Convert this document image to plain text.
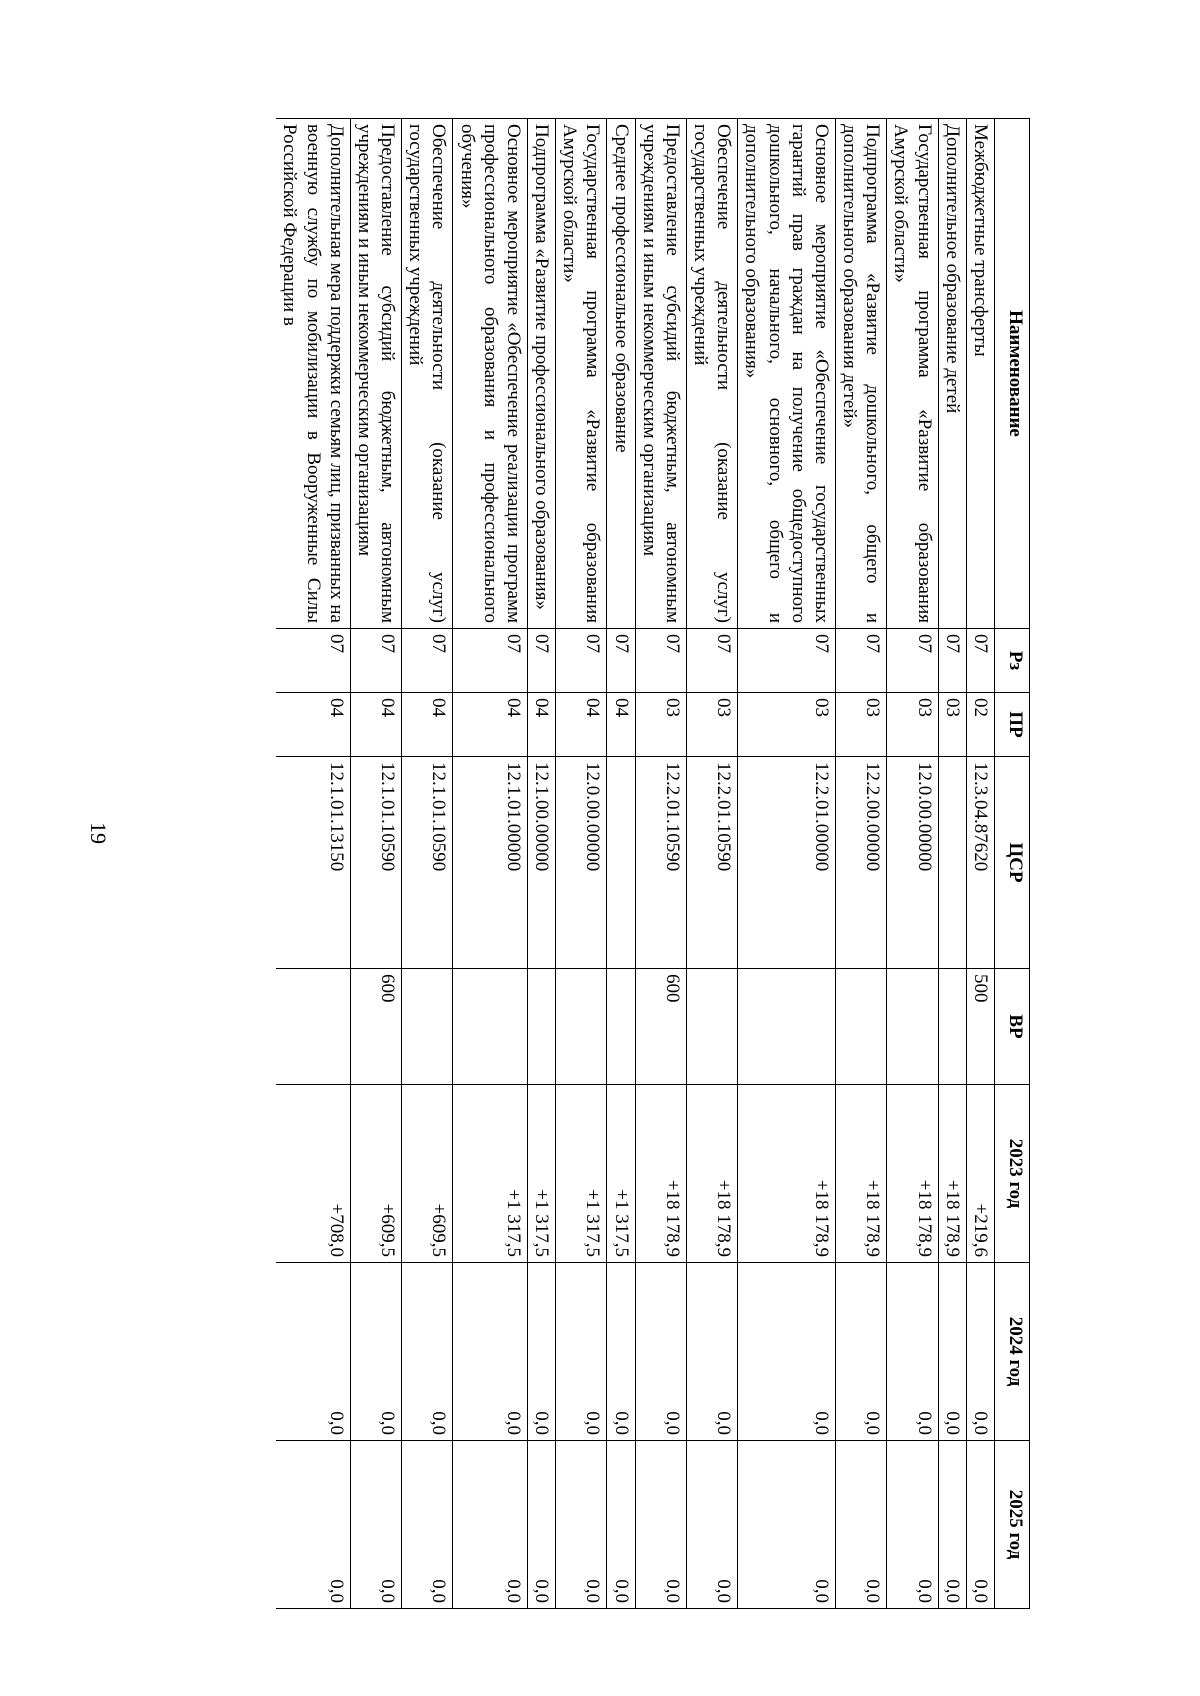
19
Наименование	Рз	ПР	ЦСР	ВР	2023 год	2024 год	2025 год
Межбюджетные трансферты	07	02	12.3.04.87620	500	+219,6	0,0	0,0
Дополнительное образование детей	07	03			+18 178,9	0,0	0,0
Государственная программа «Развитие образования Амурской области»	07	03	12.0.00.00000		+18 178,9	0,0	0,0
Подпрограмма «Развитие дошкольного, общего и дополнительного образования детей»	07	03	12.2.00.00000		+18 178,9	0,0	0,0
Основное мероприятие «Обеспечение государственных гарантий прав граждан на получение общедоступного дошкольного, начального, основного, общего и дополнительного образования»	07	03	12.2.01.00000		+18 178,9	0,0	0,0
Обеспечение деятельности (оказание услуг) государственных учреждений	07	03	12.2.01.10590		+18 178,9	0,0	0,0
Предоставление субсидий бюджетным, автономным учреждениям и иным некоммерческим организациям	07	03	12.2.01.10590	600	+18 178,9	0,0	0,0
Среднее профессиональное образование	07	04			+1 317,5	0,0	0,0
Государственная программа «Развитие образования Амурской области»	07	04	12.0.00.00000		+1 317,5	0,0	0,0
Подпрограмма «Развитие профессионального образования»	07	04	12.1.00.00000		+1 317,5	0,0	0,0
Основное мероприятие «Обеспечение реализации программ профессионального образования и профессионального обучения»	07	04	12.1.01.00000		+1 317,5	0,0	0,0
Обеспечение деятельности (оказание услуг) государственных учреждений	07	04	12.1.01.10590		+609,5	0,0	0,0
Предоставление субсидий бюджетным, автономным учреждениям и иным некоммерческим организациям	07	04	12.1.01.10590	600	+609,5	0,0	0,0
Дополнительная мера поддержки семьям лиц, призванных на военную службу по мобилизации в Вооруженные Силы Российской Федерации в	07	04	12.1.01.13150		+708,0	0,0	0,0
